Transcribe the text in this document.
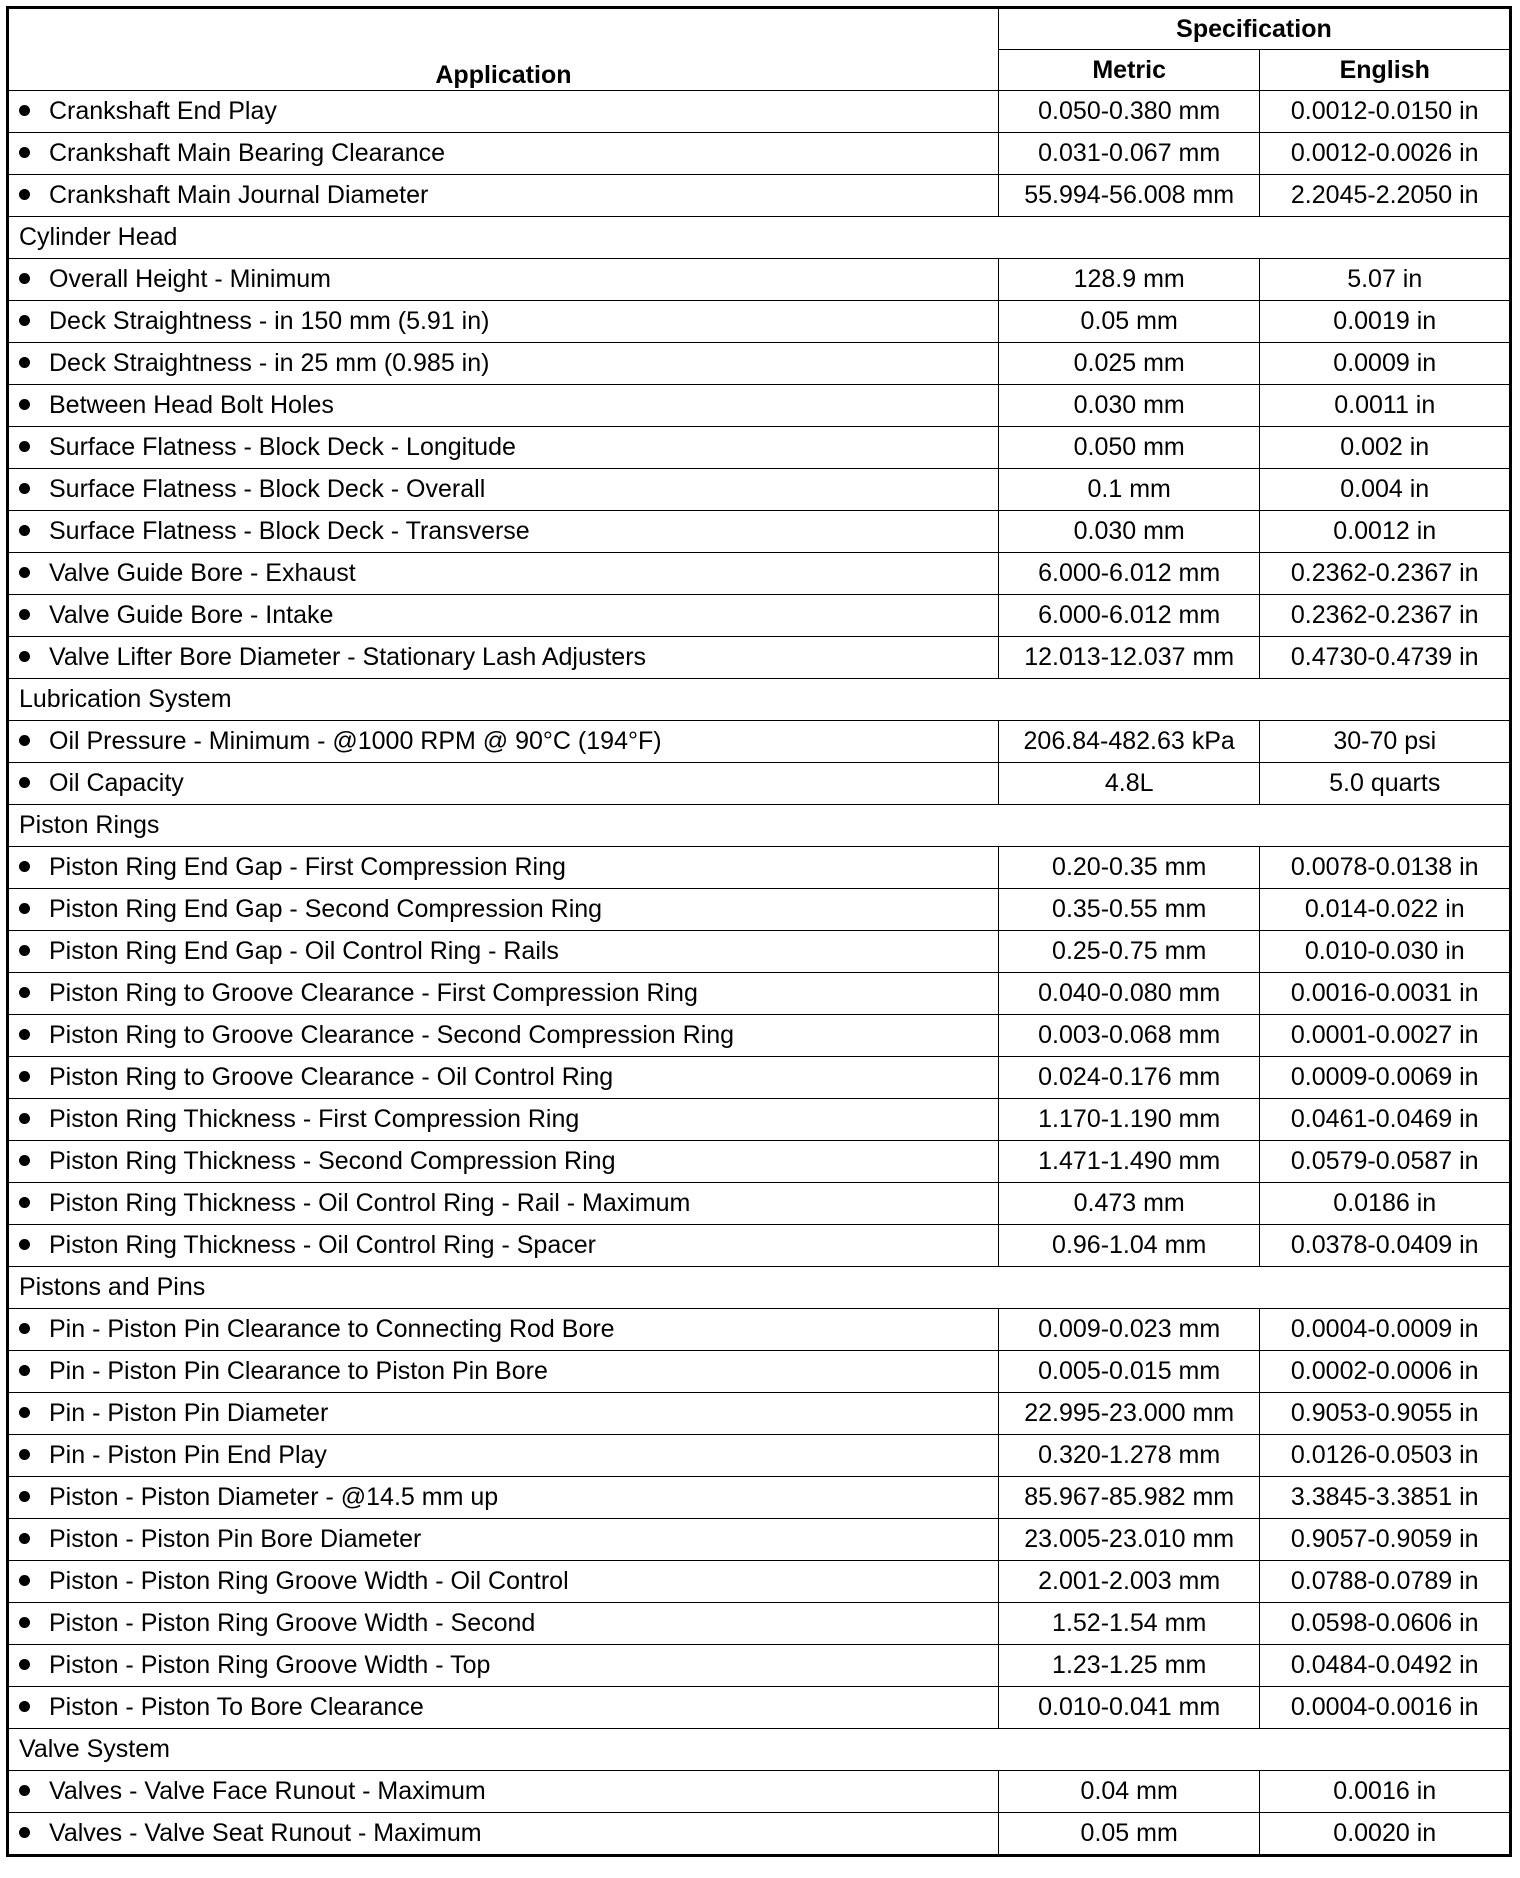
Application	Specification	
	Metric	English
Crankshaft End Play	0.050-0.380 mm	0.0012-0.0150 in
Crankshaft Main Bearing Clearance	0.031-0.067 mm	0.0012-0.0026 in
Crankshaft Main Journal Diameter	55.994-56.008 mm	2.2045-2.2050 in
Cylinder Head		
Overall Height - Minimum	128.9 mm	5.07 in
Deck Straightness - in 150 mm (5.91 in)	0.05 mm	0.0019 in
Deck Straightness - in 25 mm (0.985 in)	0.025 mm	0.0009 in
Between Head Bolt Holes	0.030 mm	0.0011 in
Surface Flatness - Block Deck - Longitude	0.050 mm	0.002 in
Surface Flatness - Block Deck - Overall	0.1 mm	0.004 in
Surface Flatness - Block Deck - Transverse	0.030 mm	0.0012 in
Valve Guide Bore - Exhaust	6.000-6.012 mm	0.2362-0.2367 in
Valve Guide Bore - Intake	6.000-6.012 mm	0.2362-0.2367 in
Valve Lifter Bore Diameter - Stationary Lash Adjusters	12.013-12.037 mm	0.4730-0.4739 in
Lubrication System		
Oil Pressure - Minimum - @1000 RPM @ 90°C (194°F)	206.84-482.63 kPa	30-70 psi
Oil Capacity	4.8L	5.0 quarts
Piston Rings		
Piston Ring End Gap - First Compression Ring	0.20-0.35 mm	0.0078-0.0138 in
Piston Ring End Gap - Second Compression Ring	0.35-0.55 mm	0.014-0.022 in
Piston Ring End Gap - Oil Control Ring - Rails	0.25-0.75 mm	0.010-0.030 in
Piston Ring to Groove Clearance - First Compression Ring	0.040-0.080 mm	0.0016-0.0031 in
Piston Ring to Groove Clearance - Second Compression Ring	0.003-0.068 mm	0.0001-0.0027 in
Piston Ring to Groove Clearance - Oil Control Ring	0.024-0.176 mm	0.0009-0.0069 in
Piston Ring Thickness - First Compression Ring	1.170-1.190 mm	0.0461-0.0469 in
Piston Ring Thickness - Second Compression Ring	1.471-1.490 mm	0.0579-0.0587 in
Piston Ring Thickness - Oil Control Ring - Rail - Maximum	0.473 mm	0.0186 in
Piston Ring Thickness - Oil Control Ring - Spacer	0.96-1.04 mm	0.0378-0.0409 in
Pistons and Pins		
Pin - Piston Pin Clearance to Connecting Rod Bore	0.009-0.023 mm	0.0004-0.0009 in
Pin - Piston Pin Clearance to Piston Pin Bore	0.005-0.015 mm	0.0002-0.0006 in
Pin - Piston Pin Diameter	22.995-23.000 mm	0.9053-0.9055 in
Pin - Piston Pin End Play	0.320-1.278 mm	0.0126-0.0503 in
Piston - Piston Diameter - @14.5 mm up	85.967-85.982 mm	3.3845-3.3851 in
Piston - Piston Pin Bore Diameter	23.005-23.010 mm	0.9057-0.9059 in
Piston - Piston Ring Groove Width - Oil Control	2.001-2.003 mm	0.0788-0.0789 in
Piston - Piston Ring Groove Width - Second	1.52-1.54 mm	0.0598-0.0606 in
Piston - Piston Ring Groove Width - Top	1.23-1.25 mm	0.0484-0.0492 in
Piston - Piston To Bore Clearance	0.010-0.041 mm	0.0004-0.0016 in
Valve System		
Valves - Valve Face Runout - Maximum	0.04 mm	0.0016 in
Valves - Valve Seat Runout - Maximum	0.05 mm	0.0020 in
